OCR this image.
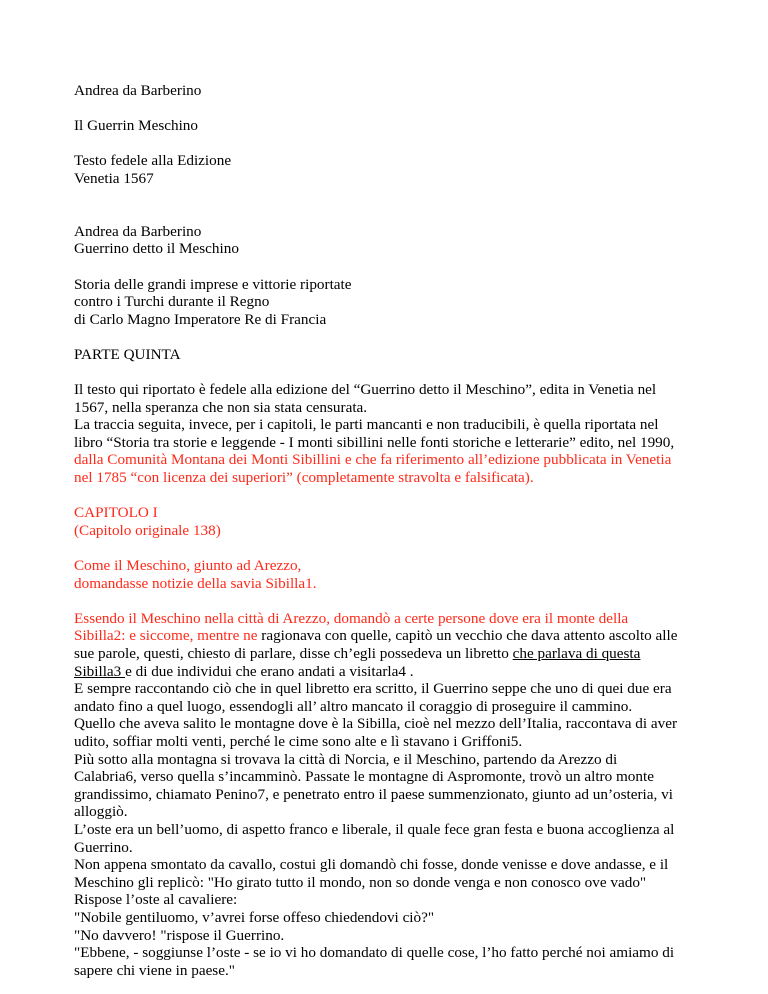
Andrea da Barberino

Il Guerrin Meschino

Testo fedele alla Edizione

Venetia 1567

Andrea da Barberino

Guerrino detto il Meschino

Storia delle grandi imprese e vittorie riportate

contro i Turchi durante il Regno

di Carlo Magno Imperatore Re di Francia

PARTE QUINTA

Il testo qui riportato è fedele alla edizione del “Guerrino detto il Meschino”, edita in Venetia nel

1567, nella speranza che non sia stata censurata.

La traccia seguita, invece, per i capitoli, le parti mancanti e non traducibili, è quella riportata nel

libro “Storia tra storie e leggende - I monti sibillini nelle fonti storiche e letterarie” edito, nel 1990,

dalla Comunità Montana dei Monti Sibillini e che fa riferimento all’edizione pubblicata in Venetia

nel 1785 “con licenza dei superiori” (completamente stravolta e falsificata).

CAPITOLO I

(Capitolo originale 138)

Come il Meschino, giunto ad Arezzo,

domandasse notizie della savia Sibilla1.

Essendo il Meschino nella città di Arezzo, domandò a certe persone dove era il monte della

Sibilla2: e siccome, mentre ne ragionava con quelle, capitò un vecchio che dava attento ascolto alle

sue parole, questi, chiesto di parlare, disse ch’egli possedeva un libretto che parlava di questa

Sibilla3 e di due individui che erano andati a visitarla4 .

E sempre raccontando ciò che in quel libretto era scritto, il Guerrino seppe che uno di quei due era

andato fino a quel luogo, essendogli all’ altro mancato il coraggio di proseguire il cammino.

Quello che aveva salito le montagne dove è la Sibilla, cioè nel mezzo dell’Italia, raccontava di aver

udito, soffiar molti venti, perché le cime sono alte e lì stavano i Griffoni5.

Più sotto alla montagna si trovava la città di Norcia, e il Meschino, partendo da Arezzo di

Calabria6, verso quella s’incamminò. Passate le montagne di Aspromonte, trovò un altro monte

grandissimo, chiamato Penino7, e penetrato entro il paese summenzionato, giunto ad un’osteria, vi

alloggiò.

L’oste era un bell’uomo, di aspetto franco e liberale, il quale fece gran festa e buona accoglienza al

Guerrino.

Non appena smontato da cavallo, costui gli domandò chi fosse, donde venisse e dove andasse, e il

Meschino gli replicò: "Ho girato tutto il mondo, non so donde venga e non conosco ove vado"

Rispose l’oste al cavaliere:

"Nobile gentiluomo, v’avrei forse offeso chiedendovi ciò?"

"No davvero! "rispose il Guerrino.

"Ebbene, - soggiunse l’oste - se io vi ho domandato di quelle cose, l’ho fatto perché noi amiamo di

sapere chi viene in paese."
